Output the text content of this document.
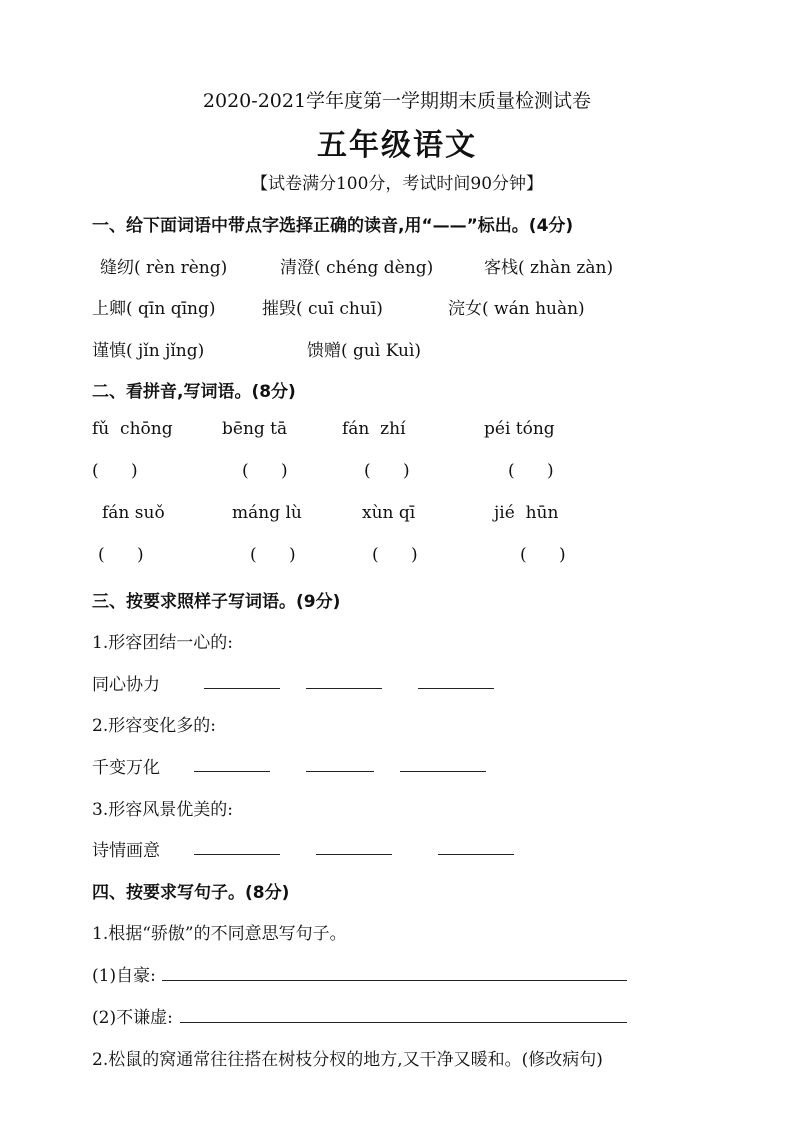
2020-2021学年度第一学期期末质量检测试卷
五年级语文
【试卷满分100分，考试时间90分钟】
一、给下面词语中带点字选择正确的读音,用“——”标出。(4分)
缝纫( rèn rèng)	清澄( chéng dèng)	客栈( zhàn zàn)
上卿( qīn qīng)	摧毁( cuī chuī)	浣女( wán huàn)
谨慎( jǐn jǐng)	馈赠( guì Kuì)
二、看拼音,写词语。(8分)
fǔ  chōng	bēng tā	fán  zhí	péi tóng
(      )	(      )	(      )	(      )
fán suǒ	máng lù	xùn qī	jié  hūn
(      )	(      )	(      )	(      )
三、按要求照样子写词语。(9分)
1.形容团结一心的:
同心协力
2.形容变化多的:
千变万化
3.形容风景优美的:
诗情画意
四、按要求写句子。(8分)
1.根据“骄傲”的不同意思写句子。
(1)自豪:
(2)不谦虚:
2.松鼠的窝通常往往搭在树枝分杈的地方,又干净又暖和。(修改病句)
